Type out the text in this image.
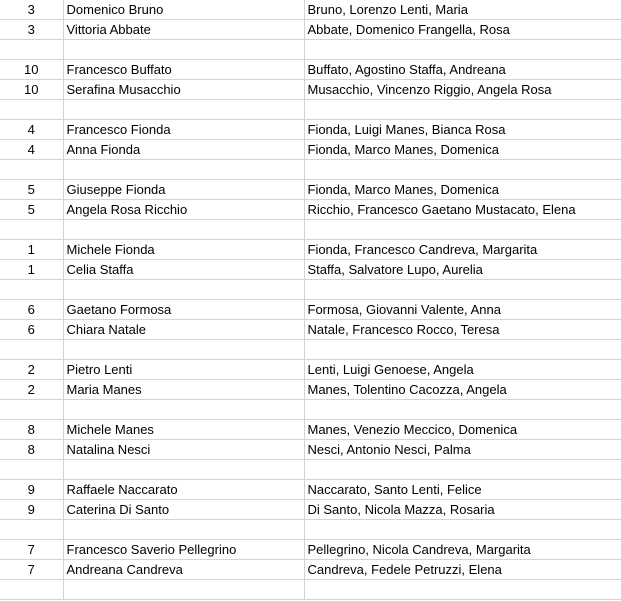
3	Domenico Bruno	Bruno, Lorenzo Lenti, Maria
3	Vittoria Abbate	Abbate, Domenico Frangella, Rosa

10	Francesco Buffato	Buffato, Agostino Staffa, Andreana
10	Serafina Musacchio	Musacchio, Vincenzo Riggio, Angela Rosa

4	Francesco Fionda	Fionda, Luigi Manes, Bianca Rosa
4	Anna Fionda	Fionda, Marco Manes, Domenica

5	Giuseppe Fionda	Fionda, Marco Manes, Domenica
5	Angela Rosa Ricchio	Ricchio, Francesco Gaetano Mustacato, Elena

1	Michele Fionda	Fionda, Francesco Candreva, Margarita
1	Celia Staffa	Staffa, Salvatore Lupo, Aurelia

6	Gaetano Formosa	Formosa, Giovanni Valente, Anna
6	Chiara Natale	Natale, Francesco Rocco, Teresa

2	Pietro Lenti	Lenti, Luigi Genoese, Angela
2	Maria Manes	Manes, Tolentino Cacozza, Angela

8	Michele Manes	Manes, Venezio Meccico, Domenica
8	Natalina Nesci	Nesci, Antonio Nesci, Palma

9	Raffaele Naccarato	Naccarato, Santo Lenti, Felice
9	Caterina Di Santo	Di Santo, Nicola Mazza, Rosaria

7	Francesco Saverio Pellegrino	Pellegrino, Nicola Candreva, Margarita
7	Andreana Candreva	Candreva, Fedele Petruzzi, Elena
